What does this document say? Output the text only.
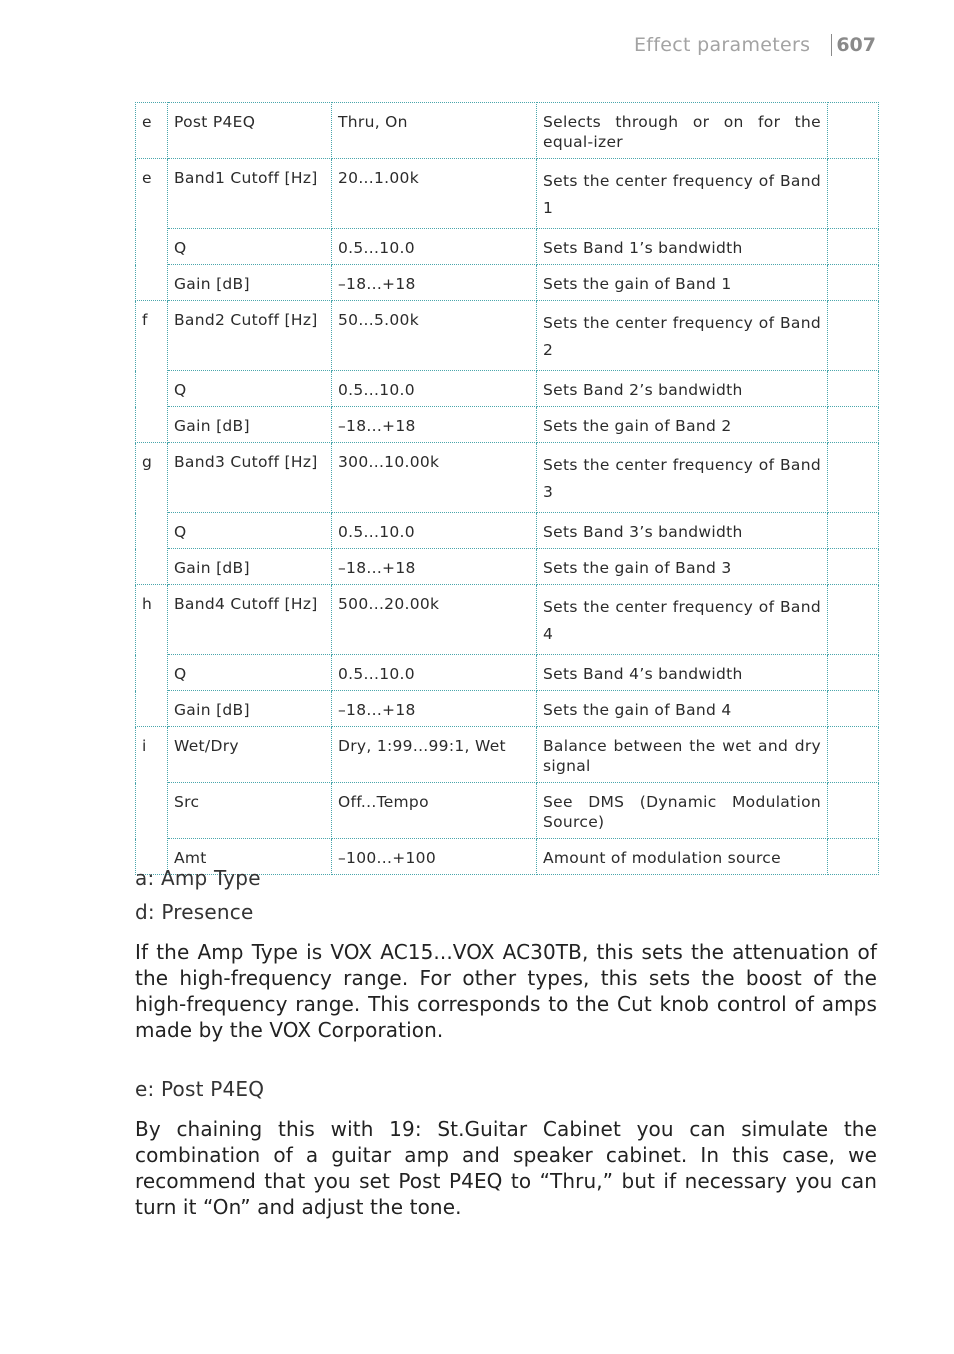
Effect parameters 607
e	Post P4EQ	Thru, On	Selects through or on for the equal-izer	
e	Band1 Cutoff [Hz]	20...1.00k	Sets the center frequency of Band 1	
	Q	0.5...10.0	Sets Band 1’s bandwidth	
	Gain [dB]	–18...+18	Sets the gain of Band 1	
f	Band2 Cutoff [Hz]	50...5.00k	Sets the center frequency of Band 2	
	Q	0.5...10.0	Sets Band 2’s bandwidth	
	Gain [dB]	–18...+18	Sets the gain of Band 2	
g	Band3 Cutoff [Hz]	300...10.00k	Sets the center frequency of Band 3	
	Q	0.5...10.0	Sets Band 3’s bandwidth	
	Gain [dB]	–18...+18	Sets the gain of Band 3	
h	Band4 Cutoff [Hz]	500...20.00k	Sets the center frequency of Band 4	
	Q	0.5...10.0	Sets Band 4’s bandwidth	
	Gain [dB]	–18...+18	Sets the gain of Band 4	
i	Wet/Dry	Dry, 1:99...99:1, Wet	Balance between the wet and dry signal	
	Src	Off...Tempo	See DMS (Dynamic Modulation Source)	
	Amt	–100...+100	Amount of modulation source	
a: Amp Type
d: Presence
If the Amp Type is VOX AC15...VOX AC30TB, this sets the attenuation of the high-frequency range. For other types, this sets the boost of the high-frequency range. This corresponds to the Cut knob control of amps made by the VOX Corporation.
e: Post P4EQ
By chaining this with 19: St.Guitar Cabinet you can simulate the combination of a guitar amp and speaker cabinet. In this case, we recommend that you set Post P4EQ to “Thru,” but if necessary you can turn it “On” and adjust the tone.
